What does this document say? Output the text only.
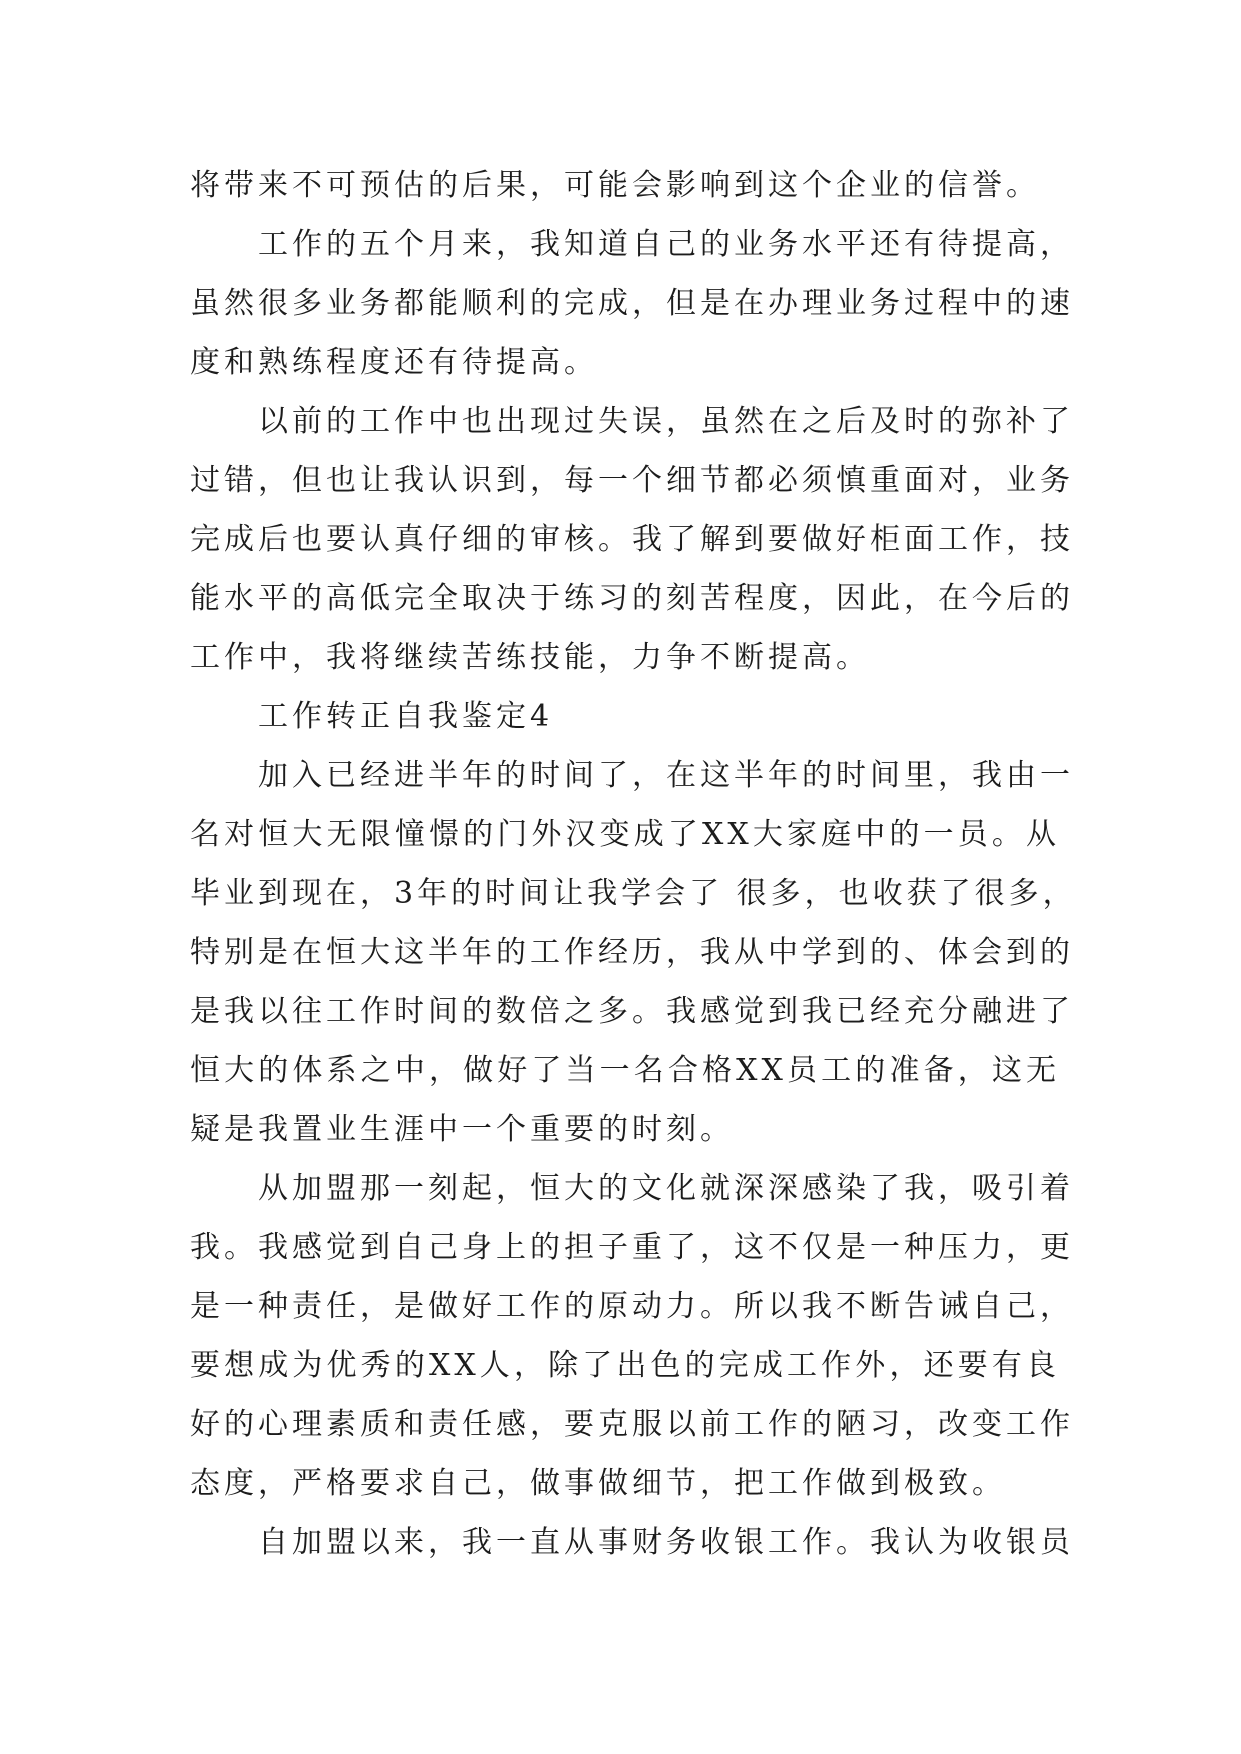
将带来不可预估的后果，可能会影响到这个企业的信誉。
工作的五个月来，我知道自己的业务水平还有待提高，
虽然很多业务都能顺利的完成，但是在办理业务过程中的速
度和熟练程度还有待提高。
以前的工作中也出现过失误，虽然在之后及时的弥补了
过错，但也让我认识到，每一个细节都必须慎重面对，业务
完成后也要认真仔细的审核。我了解到要做好柜面工作，技
能水平的高低完全取决于练习的刻苦程度，因此，在今后的
工作中，我将继续苦练技能，力争不断提高。
工作转正自我鉴定4
加入已经进半年的时间了，在这半年的时间里，我由一
名对恒大无限憧憬的门外汉变成了XX大家庭中的一员。从
毕业到现在，3年的时间让我学会了 很多，也收获了很多，
特别是在恒大这半年的工作经历，我从中学到的、体会到的
是我以往工作时间的数倍之多。我感觉到我已经充分融进了
恒大的体系之中，做好了当一名合格XX员工的准备，这无
疑是我置业生涯中一个重要的时刻。
从加盟那一刻起，恒大的文化就深深感染了我，吸引着
我。我感觉到自己身上的担子重了，这不仅是一种压力，更
是一种责任，是做好工作的原动力。所以我不断告诫自己，
要想成为优秀的XX人，除了出色的完成工作外，还要有良
好的心理素质和责任感，要克服以前工作的陋习，改变工作
态度，严格要求自己，做事做细节，把工作做到极致。
自加盟以来，我一直从事财务收银工作。我认为收银员
